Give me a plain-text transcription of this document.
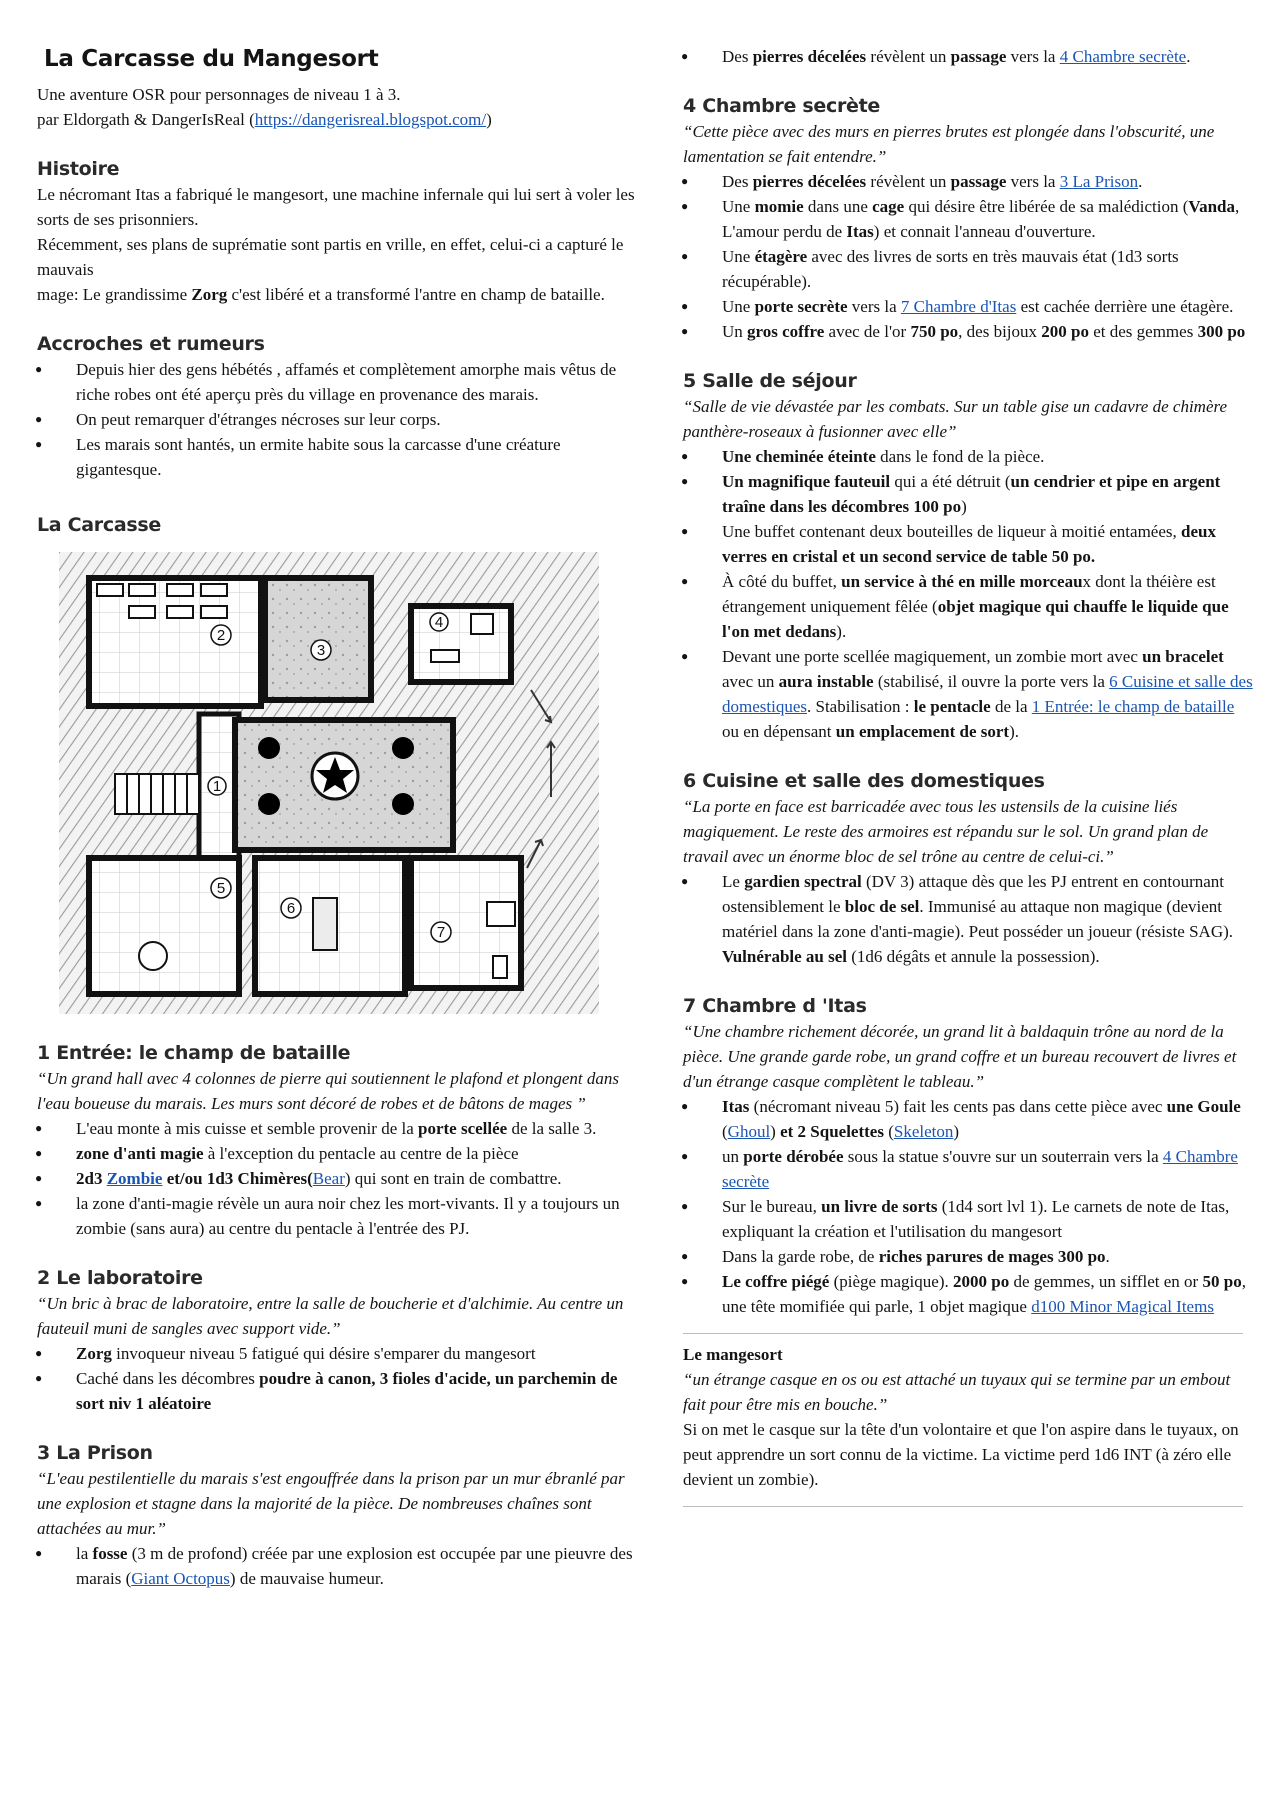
La Carcasse du Mangesort

Une aventure OSR pour personnages de niveau 1 à 3.

par Eldorgath & DangerIsReal (https://dangerisreal.blogspot.com/)

Histoire

Le nécromant Itas a fabriqué le mangesort, une machine infernale qui lui sert à voler les sorts de ses prisonniers.

Récemment, ses plans de suprématie sont partis en vrille, en effet, celui-ci a capturé le mauvais

mage: Le grandissime Zorg c'est libéré et a transformé l'antre en champ de bataille.

Accroches et rumeurs
● Depuis hier des gens hébétés , affamés et complètement amorphe mais vêtus de riche robes ont été aperçu près du village en provenance des marais.
● On peut remarquer d'étranges nécroses sur leur corps.
● Les marais sont hantés, un ermite habite sous la carcasse d'une créature gigantesque.
La Carcasse
2
3
4
1
5
6
7
1 Entrée: le champ de bataille

“Un grand hall avec 4 colonnes de pierre qui soutiennent le plafond et plongent dans l'eau boueuse du marais. Les murs sont décoré de robes et de bâtons de mages ”

● L'eau monte à mis cuisse et semble provenir de la porte scellée de la salle 3.
● zone d'anti magie à l'exception du pentacle au centre de la pièce
● 2d3 Zombie et/ou 1d3 Chimères(Bear) qui sont en train de combattre.
● la zone d'anti-magie révèle un aura noir chez les mort-vivants. Il y a toujours un zombie (sans aura) au centre du pentacle à l'entrée des PJ.
2 Le laboratoire

“Un bric à brac de laboratoire, entre la salle de boucherie et d'alchimie. Au centre un fauteuil muni de sangles avec support vide.”

● Zorg invoqueur niveau 5 fatigué qui désire s'emparer du mangesort
● Caché dans les décombres poudre à canon, 3 fioles d'acide, un parchemin de sort niv 1 aléatoire
3 La Prison

“L'eau pestilentielle du marais s'est engouffrée dans la prison par un mur ébranlé par une explosion et stagne dans la majorité de la pièce. De nombreuses chaînes sont attachées au mur.”

● la fosse (3 m de profond) créée par une explosion est occupée par une pieuvre des marais (Giant Octopus) de mauvaise humeur.
● Des pierres décelées révèlent un passage vers la 4 Chambre secrète.
4 Chambre secrète

“Cette pièce avec des murs en pierres brutes est plongée dans l'obscurité, une lamentation se fait entendre.”

● Des pierres décelées révèlent un passage vers la 3 La Prison.
● Une momie dans une cage qui désire être libérée de sa malédiction (Vanda, L'amour perdu de Itas) et connait l'anneau d'ouverture.
● Une étagère avec des livres de sorts en très mauvais état (1d3 sorts récupérable).
● Une porte secrète vers la 7 Chambre d'Itas est cachée derrière une étagère.
● Un gros coffre avec de l'or 750 po, des bijoux 200 po et des gemmes 300 po
5 Salle de séjour

“Salle de vie dévastée par les combats. Sur un table gise un cadavre de chimère panthère-roseaux à fusionner avec elle”

● Une cheminée éteinte dans le fond de la pièce.
● Un magnifique fauteuil qui a été détruit (un cendrier et pipe en argent traîne dans les décombres 100 po)
● Une buffet contenant deux bouteilles de liqueur à moitié entamées, deux verres en cristal et un second service de table 50 po.
● À côté du buffet, un service à thé en mille morceaux dont la théière est étrangement uniquement fêlée (objet magique qui chauffe le liquide que l'on met dedans).
● Devant une porte scellée magiquement, un zombie mort avec un bracelet avec un aura instable (stabilisé, il ouvre la porte vers la 6 Cuisine et salle des domestiques. Stabilisation : le pentacle de la 1 Entrée: le champ de bataille ou en dépensant un emplacement de sort).
6 Cuisine et salle des domestiques

“La porte en face est barricadée avec tous les ustensils de la cuisine liés magiquement. Le reste des armoires est répandu sur le sol. Un grand plan de travail avec un énorme bloc de sel trône au centre de celui-ci.”

● Le gardien spectral (DV 3) attaque dès que les PJ entrent en contournant ostensiblement le bloc de sel. Immunisé au attaque non magique (devient matériel dans la zone d'anti-magie). Peut posséder un joueur (résiste SAG). Vulnérable au sel (1d6 dégâts et annule la possession).
7 Chambre d 'Itas

“Une chambre richement décorée, un grand lit à baldaquin trône au nord de la pièce. Une grande garde robe, un grand coffre et un bureau recouvert de livres et d'un étrange casque complètent le tableau.”

● Itas (nécromant niveau 5) fait les cents pas dans cette pièce avec une Goule (Ghoul) et 2 Squelettes (Skeleton)
● un porte dérobée sous la statue s'ouvre sur un souterrain vers la 4 Chambre secrète
● Sur le bureau, un livre de sorts (1d4 sort lvl 1). Le carnets de note de Itas, expliquant la création et l'utilisation du mangesort
● Dans la garde robe, de riches parures de mages 300 po.
● Le coffre piégé (piège magique). 2000 po de gemmes, un sifflet en or 50 po, une tête momifiée qui parle, 1 objet magique d100 Minor Magical Items

Le mangesort

“un étrange casque en os ou est attaché un tuyaux qui se termine par un embout fait pour être mis en bouche.”

Si on met le casque sur la tête d'un volontaire et que l'on aspire dans le tuyaux, on peut apprendre un sort connu de la victime. La victime perd 1d6 INT (à zéro elle devient un zombie).
